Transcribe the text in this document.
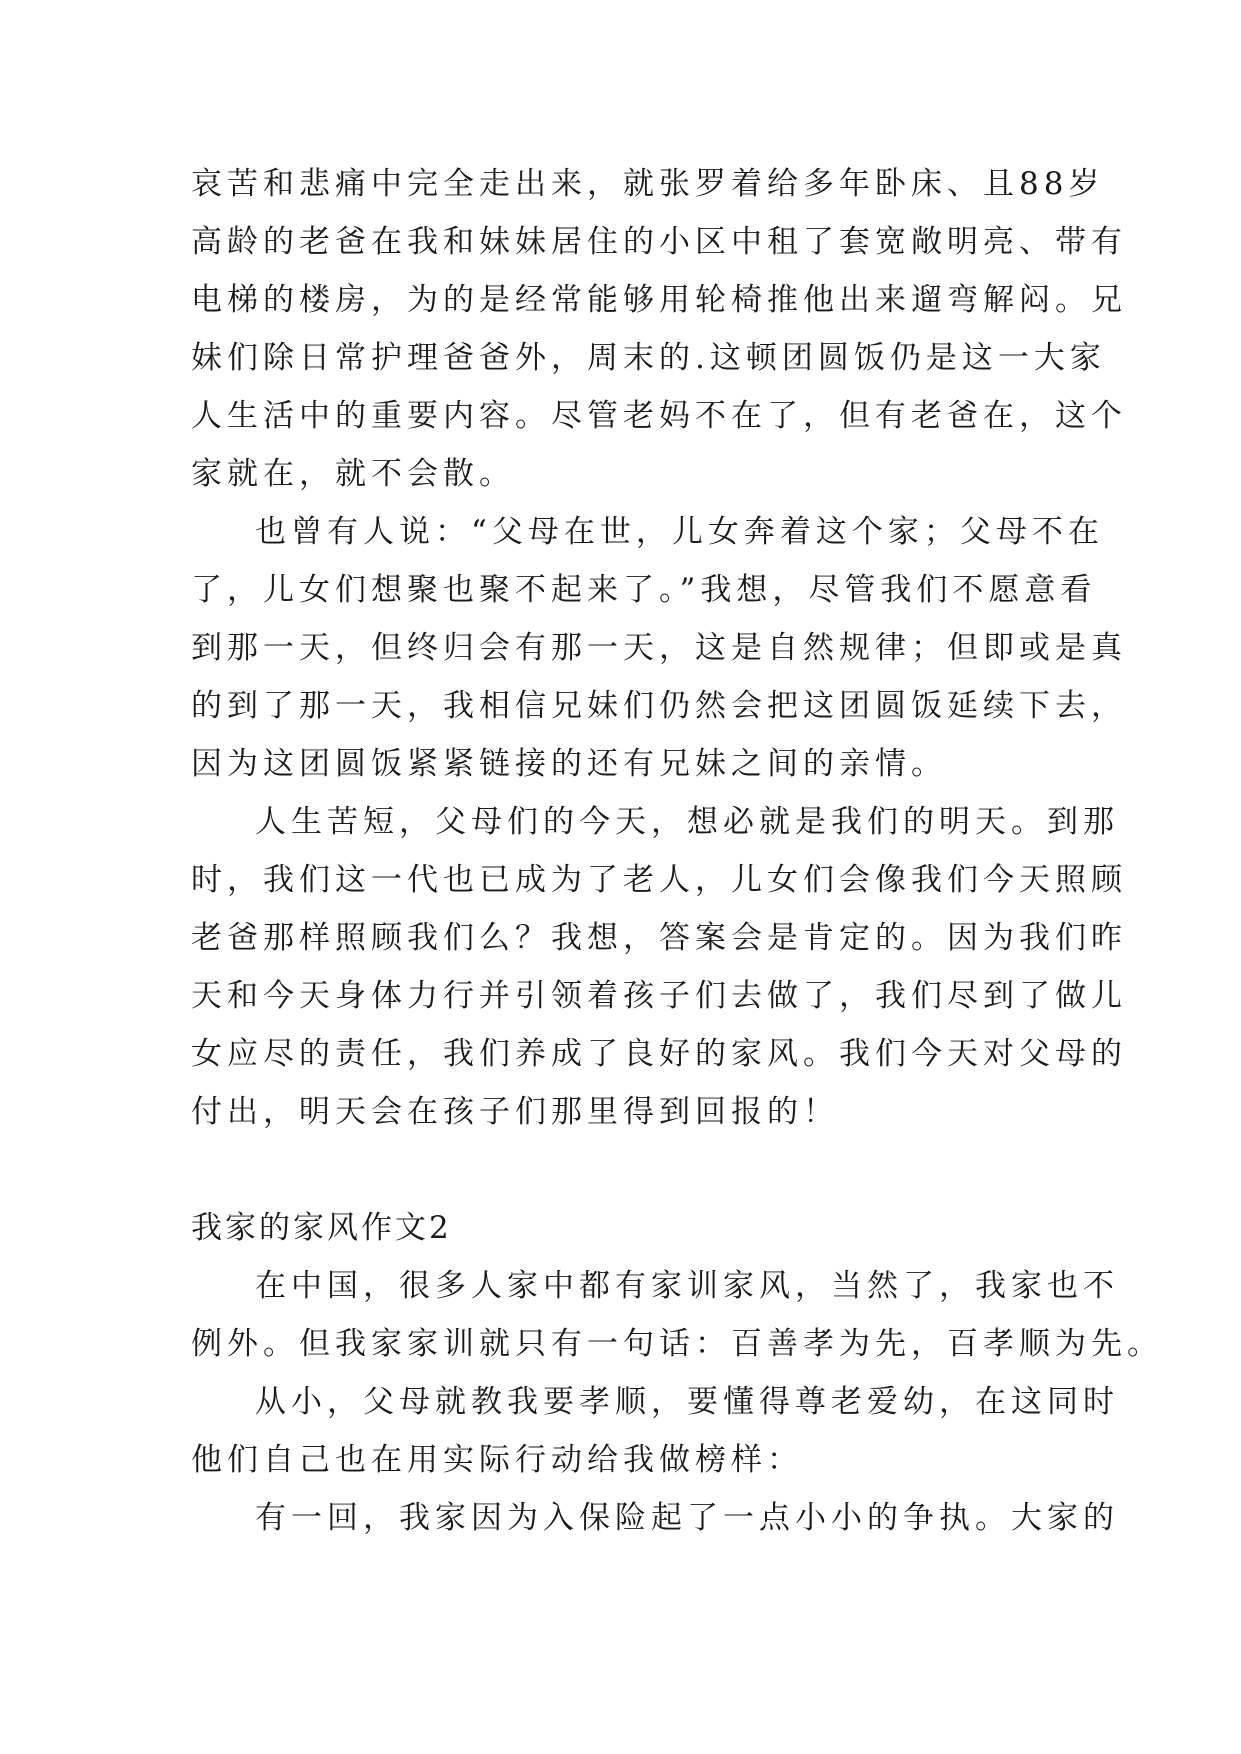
哀苦和悲痛中完全走出来，就张罗着给多年卧床、且88岁
高龄的老爸在我和妹妹居住的小区中租了套宽敞明亮、带有
电梯的楼房，为的是经常能够用轮椅推他出来遛弯解闷。兄
妹们除日常护理爸爸外，周末的.这顿团圆饭仍是这一大家
人生活中的重要内容。尽管老妈不在了，但有老爸在，这个
家就在，就不会散。
也曾有人说：“父母在世，儿女奔着这个家；父母不在
了，儿女们想聚也聚不起来了。”我想，尽管我们不愿意看
到那一天，但终归会有那一天，这是自然规律；但即或是真
的到了那一天，我相信兄妹们仍然会把这团圆饭延续下去，
因为这团圆饭紧紧链接的还有兄妹之间的亲情。
人生苦短，父母们的今天，想必就是我们的明天。到那
时，我们这一代也已成为了老人，儿女们会像我们今天照顾
老爸那样照顾我们么？我想，答案会是肯定的。因为我们昨
天和今天身体力行并引领着孩子们去做了，我们尽到了做儿
女应尽的责任，我们养成了良好的家风。我们今天对父母的
付出，明天会在孩子们那里得到回报的！
我家的家风作文2
在中国，很多人家中都有家训家风，当然了，我家也不
例外。但我家家训就只有一句话：百善孝为先，百孝顺为先。
从小，父母就教我要孝顺，要懂得尊老爱幼，在这同时
他们自己也在用实际行动给我做榜样：
有一回，我家因为入保险起了一点小小的争执。大家的
